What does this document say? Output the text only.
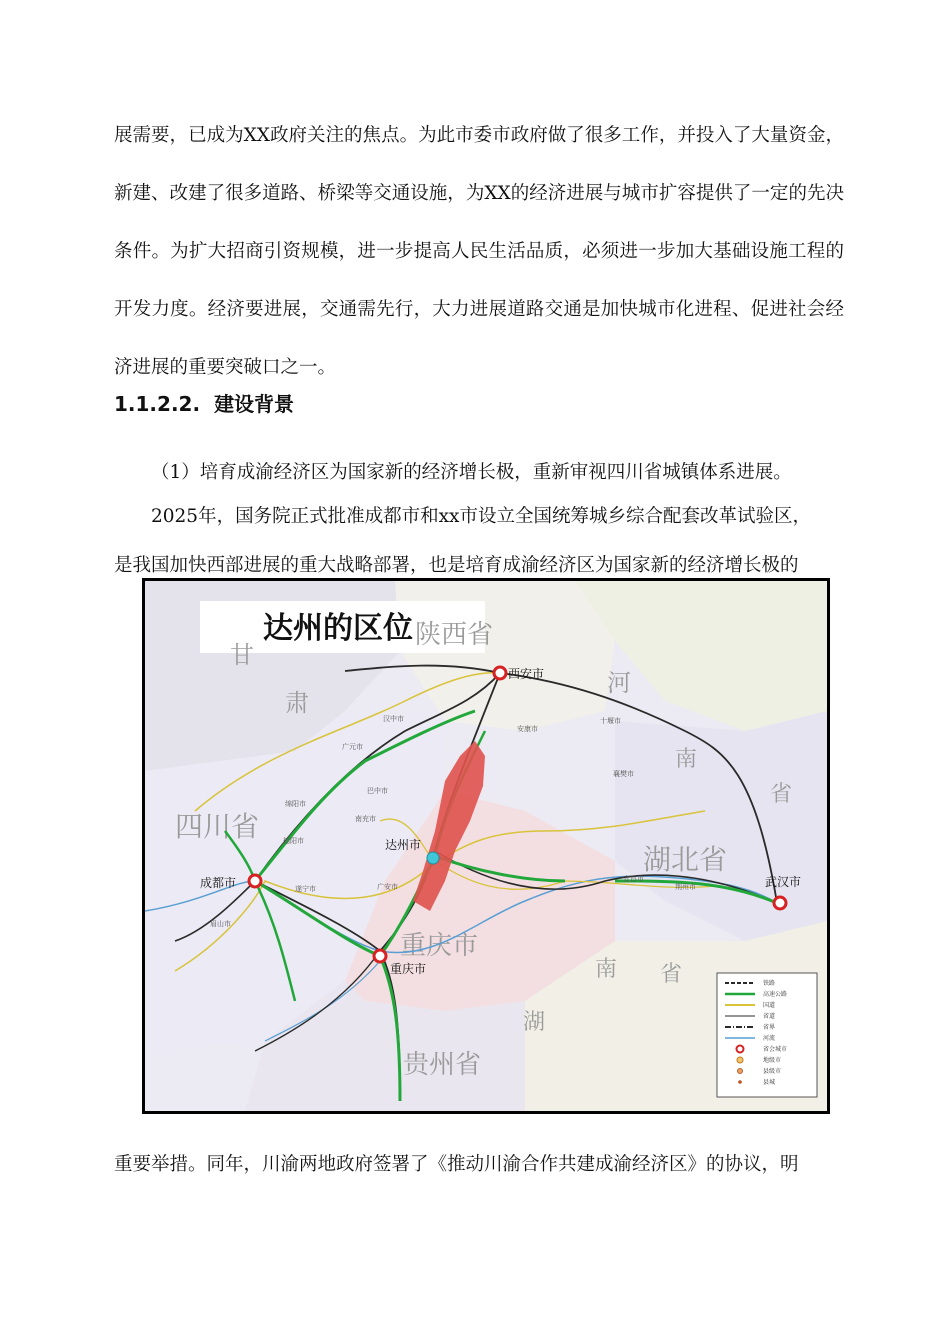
展需要，已成为XX政府关注的焦点。为此市委市政府做了很多工作，并投入了大量资金，新建、改建了很多道路、桥梁等交通设施，为XX的经济进展与城市扩容提供了一定的先决条件。为扩大招商引资规模，进一步提高人民生活品质，必须进一步加大基础设施工程的开发力度。经济要进展，交通需先行，大力进展道路交通是加快城市化进程、促进社会经济进展的重要突破口之一。

1.1.2.2. 建设背景

（1）培育成渝经济区为国家新的经济增长极，重新审视四川省城镇体系进展。

2025年，国务院正式批准成都市和xx市设立全国统筹城乡综合配套改革试验区，

是我国加快西部进展的重大战略部署，也是培育成渝经济区为国家新的经济增长极的

达州的区位
甘
肃
陕西省
河
南
省
四川省
湖北省
重庆市
湖
南 省
贵州省
西安市
达州市
成都市	武汉市
重庆市
汉中市
安康市
十堰市
襄樊市
广元市
巴中市
绵阳市
德阳市
南充市
遂宁市
眉山市
宜昌市
荆州市
广安市
铁路
高速公路
国道
省道
省界
河流
省会城市
地级市
县级市
县城

重要举措。同年，川渝两地政府签署了《推动川渝合作共建成渝经济区》的协议，明
